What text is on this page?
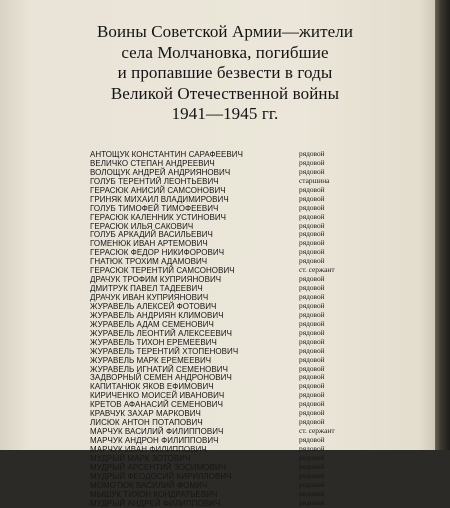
Воины Советской Армии—жители
села Молчановка, погибшие
и пропавшие безвести в годы
Великой Отечественной войны
1941—1945 гг.
АНТОЩУК КОНСТАНТИН САРАФЕЕВИЧ	рядовой
ВЕЛИЧКО СТЕПАН АНДРЕЕВИЧ	рядовой
ВОЛОЩУК АНДРЕЙ АНДРИЯНОВИЧ	рядовой
ГОЛУБ ТЕРЕНТИЙ ЛЕОНТЬЕВИЧ	старшина
ГЕРАСЮК АНИСИЙ САМСОНОВИЧ	рядовой
ГРИНЯК МИХАИЛ ВЛАДИМИРОВИЧ	рядовой
ГОЛУБ ТИМОФЕЙ ТИМОФЕЕВИЧ	рядовой
ГЕРАСЮК КАЛЕННИК УСТИНОВИЧ	рядовой
ГЕРАСЮК ИЛЬЯ САКОВИЧ	рядовой
ГОЛУБ АРКАДИЙ ВАСИЛЬЕВИЧ	рядовой
ГОМЕНЮК ИВАН АРТЕМОВИЧ	рядовой
ГЕРАСЮК ФЕДОР НИКИФОРОВИЧ	рядовой
ГНАТЮК ТРОХИМ АДАМОВИЧ	рядовой
ГЕРАСЮК ТЕРЕНТИЙ САМСОНОВИЧ	ст. сержант
ДРАЧУК ТРОФИМ КУПРИЯНОВИЧ	рядовой
ДМИТРУК ПАВЕЛ ТАДЕЕВИЧ	рядовой
ДРАЧУК ИВАН КУПРИЯНОВИЧ	рядовой
ЖУРАВЕЛЬ АЛЕКСЕЙ ФОТОВИЧ	рядовой
ЖУРАВЕЛЬ АНДРИЯН КЛИМОВИЧ	рядовой
ЖУРАВЕЛЬ АДАМ СЕМЕНОВИЧ	рядовой
ЖУРАВЕЛЬ ЛЕОНТИЙ АЛЕКСЕЕВИЧ	рядовой
ЖУРАВЕЛЬ ТИХОН ЕРЕМЕЕВИЧ	рядовой
ЖУРАВЕЛЬ ТЕРЕНТИЙ ХТОПЕНОВИЧ	рядовой
ЖУРАВЕЛЬ МАРК ЕРЕМЕЕВИЧ	рядовой
ЖУРАВЕЛЬ ИГНАТИЙ СЕМЕНОВИЧ	рядовой
ЗАДВОРНЫЙ СЕМЕН АНДРОНОВИЧ	рядовой
КАПИТАНЮК ЯКОВ ЕФИМОВИЧ	рядовой
КИРИЧЕНКО МОИСЕЙ ИВАНОВИЧ	рядовой
КРЕТОВ АФАНАСИЙ СЕМЕНОВИЧ	рядовой
КРАВЧУК ЗАХАР МАРКОВИЧ	рядовой
ЛИСЮК АНТОН ПОТАПОВИЧ	рядовой
МАРЧУК ВАСИЛИЙ ФИЛИППОВИЧ	ст. сержант
МАРЧУК АНДРОН ФИЛИППОВИЧ	рядовой
МАРЧУК ИВАН ФИЛИППОВИЧ	рядовой
МУДРЫЙ МАРК ЗОТОВИЧ	рядовой
МУДРЫЙ АРСЕНТИЙ ЗОСИМОВИЧ	рядовой
МУДРЫЙ ФЕОДОСИЙ КИРИЛЛОВИЧ	рядовой
МОМОТЮК ВАСИЛИЙ ФОМИЧ	рядовой
МЫШУК ТИХОН КОНДРАТЬЕВИЧ	рядовой
МУДРЫЙ АНДРЕЙ ФИЛИППОВИЧ	рядовой
